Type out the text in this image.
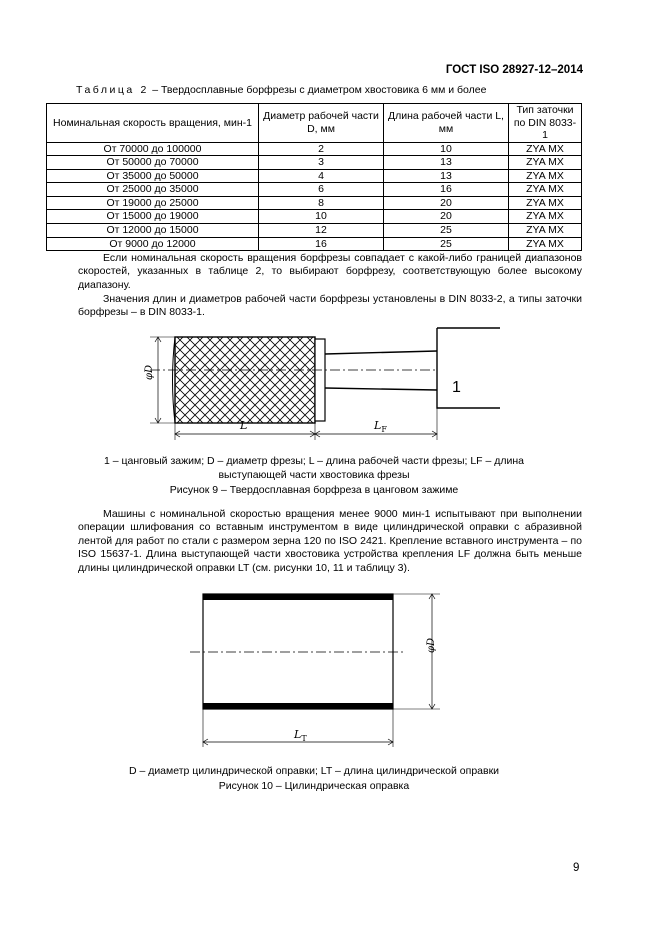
ГОСТ ISO 28927-12–2014
Таблица 2 – Твердосплавные борфрезы с диаметром хвостовика 6 мм и более
Номинальная скорость вращения, мин-1	Диаметр рабочей части D, мм	Длина рабочей части L, мм	Тип заточки по DIN 8033-1
От 70000 до 100000	2	10	ZYA MX
От 50000 до 70000	3	13	ZYA MX
От 35000 до 50000	4	13	ZYA MX
От 25000 до 35000	6	16	ZYA MX
От 19000 до 25000	8	20	ZYA MX
От 15000 до 19000	10	20	ZYA MX
От 12000 до 15000	12	25	ZYA MX
От 9000 до 12000	16	25	ZYA MX
Если номинальная скорость вращения борфрезы совпадает с какой-либо границей диапазонов скоростей, указанных в таблице 2, то выбирают борфрезу, соответствующую более высокому диапазону.
Значения длин и диаметров рабочей части борфрезы установлены в DIN 8033-2, а типы заточки борфрезы – в DIN 8033-1.
φD
L	$L_F$
1
1 – цанговый зажим; D – диаметр фрезы; L – длина рабочей части фрезы; LF – длина
выступающей части хвостовика фрезы
Рисунок 9 – Твердосплавная борфреза в цанговом зажиме
Машины с номинальной скоростью вращения менее 9000 мин-1 испытывают при выполнении операции шлифования со вставным инструментом в виде цилиндрической оправки с абразивной лентой для работ по стали с размером зерна 120 по ISO 2421. Крепление вставного инструмента – по ISO 15637-1. Длина выступающей части хвостовика устройства крепления LF должна быть меньше длины цилиндрической оправки LT (см. рисунки 10, 11 и таблицу 3).
φD
$L_T$
D – диаметр цилиндрической оправки; LT – длина цилиндрической оправки
Рисунок 10 – Цилиндрическая оправка
9
